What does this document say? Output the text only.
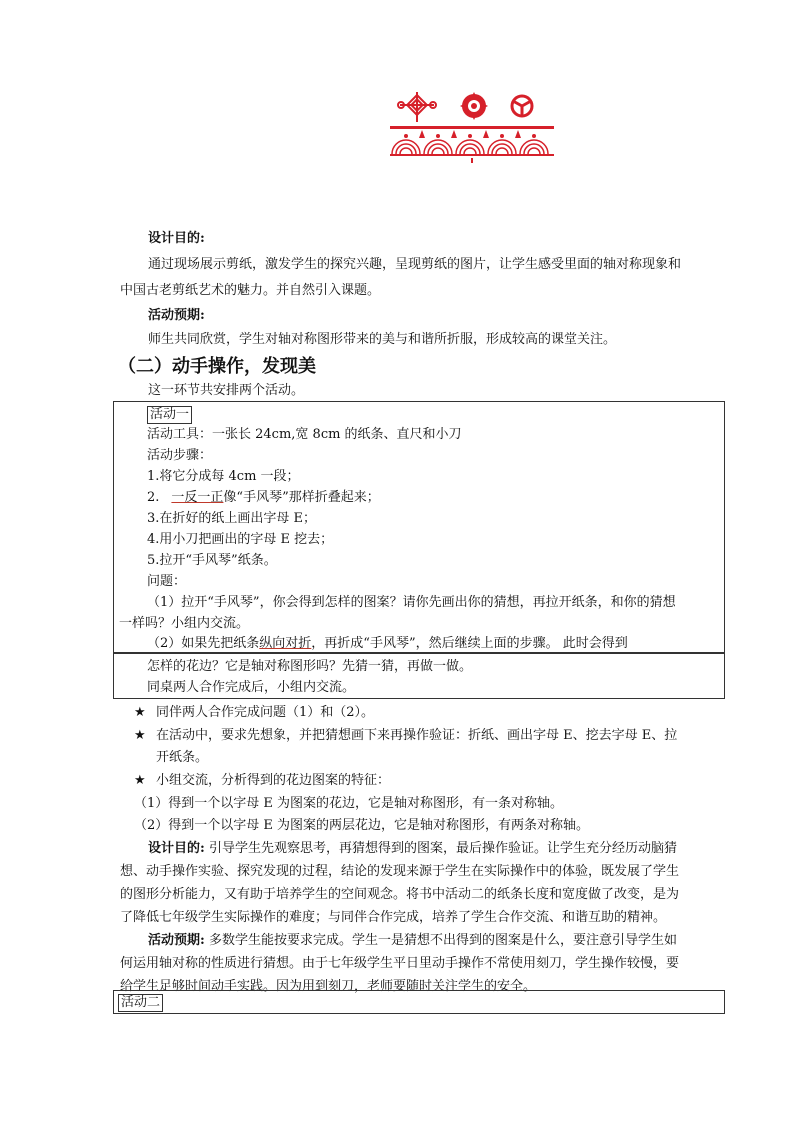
设计目的:
通过现场展示剪纸，激发学生的探究兴趣，呈现剪纸的图片，让学生感受里面的轴对称现象和
中国古老剪纸艺术的魅力。并自然引入课题。
活动预期:
师生共同欣赏，学生对轴对称图形带来的美与和谐所折服，形成较高的课堂关注。
（二）动手操作，发现美
这一环节共安排两个活动。
活动一
活动工具：一张长 24cm,宽 8cm 的纸条、直尺和小刀
活动步骤：
1.将它分成每 4cm 一段；
2. 一反一正像“手风琴”那样折叠起来；
3.在折好的纸上画出字母 E；
4.用小刀把画出的字母 E 挖去；
5.拉开“手风琴”纸条。
问题：
（1）拉开“手风琴”，你会得到怎样的图案？请你先画出你的猜想，再拉开纸条，和你的猜想
一样吗？小组内交流。
（2）如果先把纸条纵向对折，再折成“手风琴”，然后继续上面的步骤。 此时会得到
怎样的花边？它是轴对称图形吗？先猜一猜，再做一做。
同桌两人合作完成后，小组内交流。
★ 同伴两人合作完成问题（1）和（2）。
★ 在活动中，要求先想象，并把猜想画下来再操作验证：折纸、画出字母 E、挖去字母 E、拉
开纸条。
★ 小组交流，分析得到的花边图案的特征：
（1）得到一个以字母 E 为图案的花边，它是轴对称图形，有一条对称轴。
（2）得到一个以字母 E 为图案的两层花边，它是轴对称图形，有两条对称轴。
设计目的: 引导学生先观察思考，再猜想得到的图案，最后操作验证。让学生充分经历动脑猜
想、动手操作实验、探究发现的过程，结论的发现来源于学生在实际操作中的体验，既发展了学生
的图形分析能力，又有助于培养学生的空间观念。将书中活动二的纸条长度和宽度做了改变，是为
了降低七年级学生实际操作的难度；与同伴合作完成，培养了学生合作交流、和谐互助的精神。
活动预期: 多数学生能按要求完成。学生一是猜想不出得到的图案是什么，要注意引导学生如
何运用轴对称的性质进行猜想。由于七年级学生平日里动手操作不常使用刻刀，学生操作较慢，要
给学生足够时间动手实践。因为用到刻刀，老师要随时关注学生的安全。
活动二
